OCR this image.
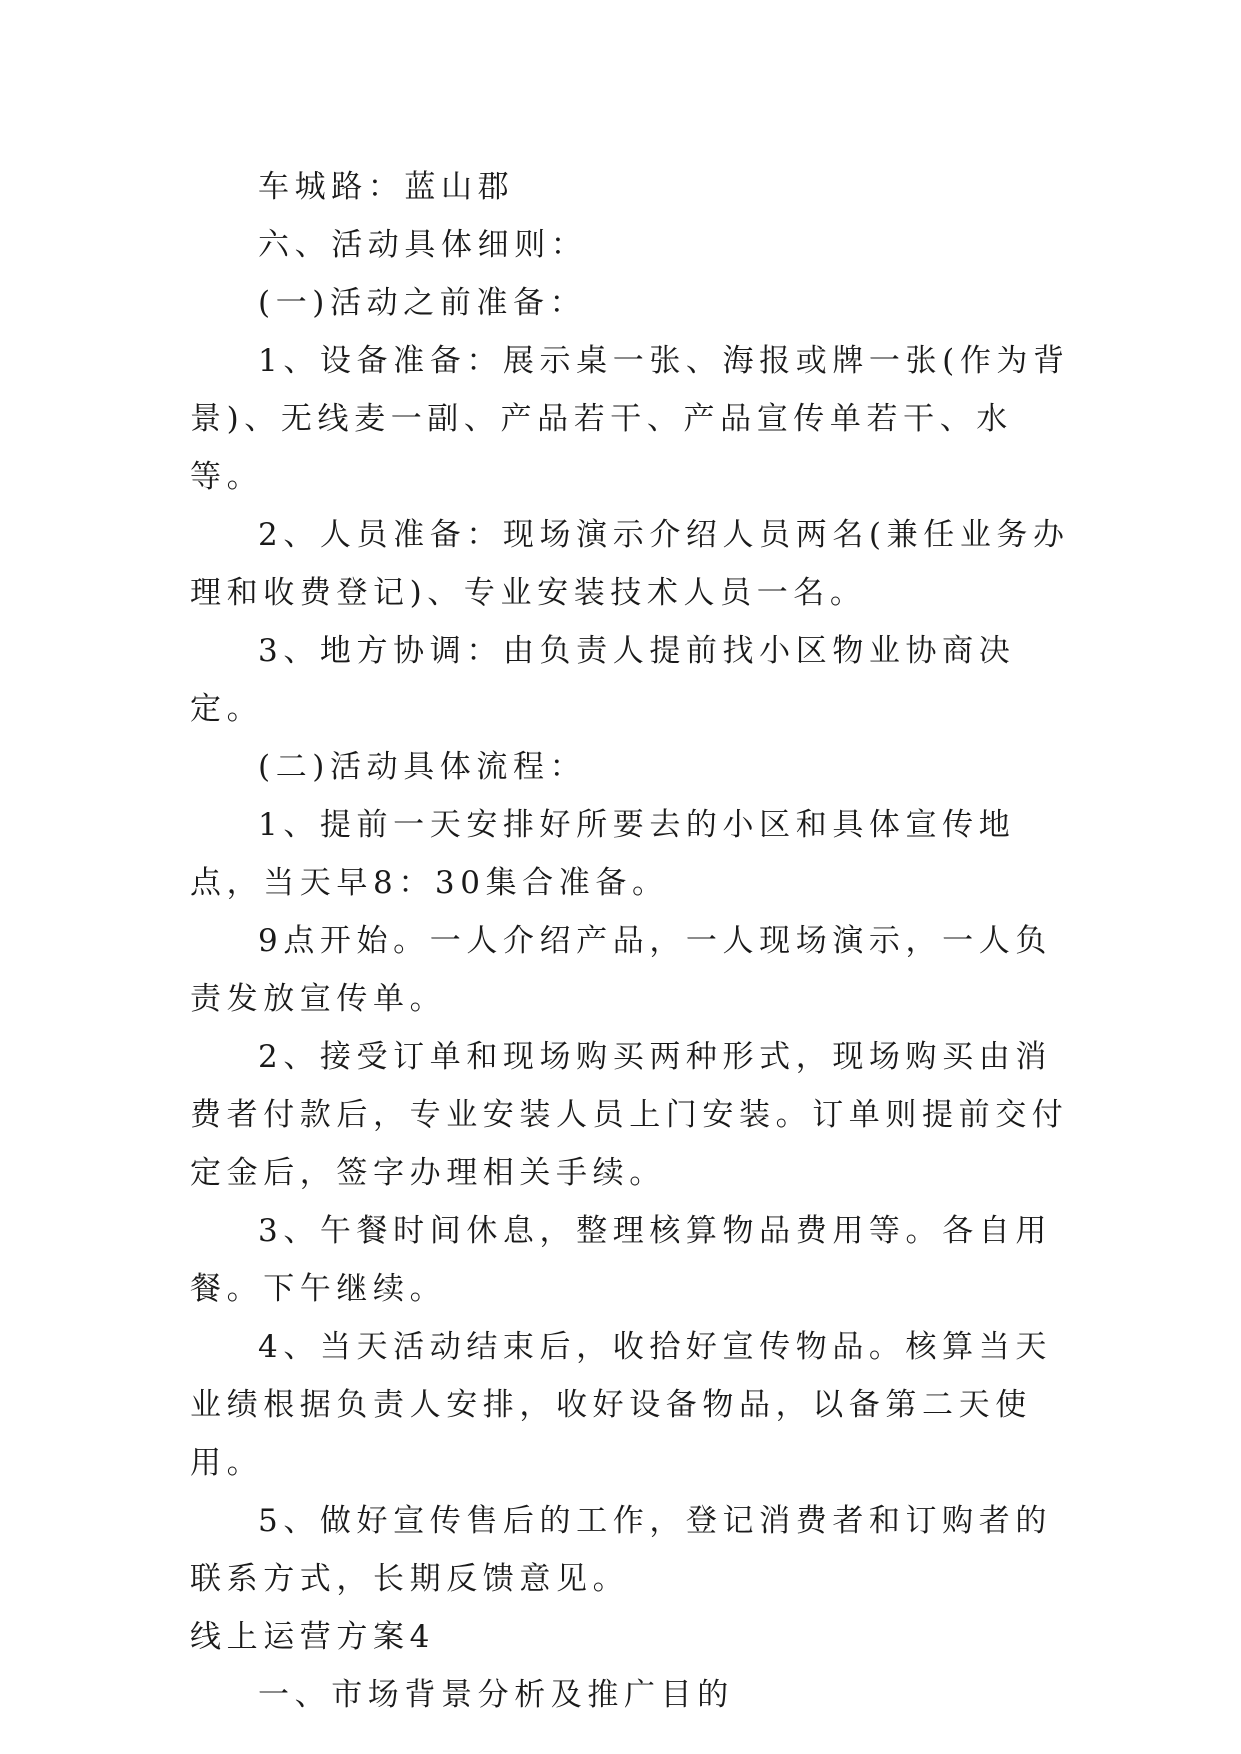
车城路：蓝山郡

六、活动具体细则：

(一)活动之前准备：

1、设备准备：展示桌一张、海报或牌一张(作为背景)、无线麦一副、产品若干、产品宣传单若干、水等。

2、人员准备：现场演示介绍人员两名(兼任业务办理和收费登记)、专业安装技术人员一名。

3、地方协调：由负责人提前找小区物业协商决定。

(二)活动具体流程：

1、提前一天安排好所要去的小区和具体宣传地点，当天早8：30集合准备。

9点开始。一人介绍产品，一人现场演示，一人负责发放宣传单。

2、接受订单和现场购买两种形式，现场购买由消费者付款后，专业安装人员上门安装。订单则提前交付定金后，签字办理相关手续。

3、午餐时间休息，整理核算物品费用等。各自用餐。下午继续。

4、当天活动结束后，收拾好宣传物品。核算当天业绩根据负责人安排，收好设备物品，以备第二天使用。

5、做好宣传售后的工作，登记消费者和订购者的联系方式，长期反馈意见。

线上运营方案4

一、市场背景分析及推广目的
